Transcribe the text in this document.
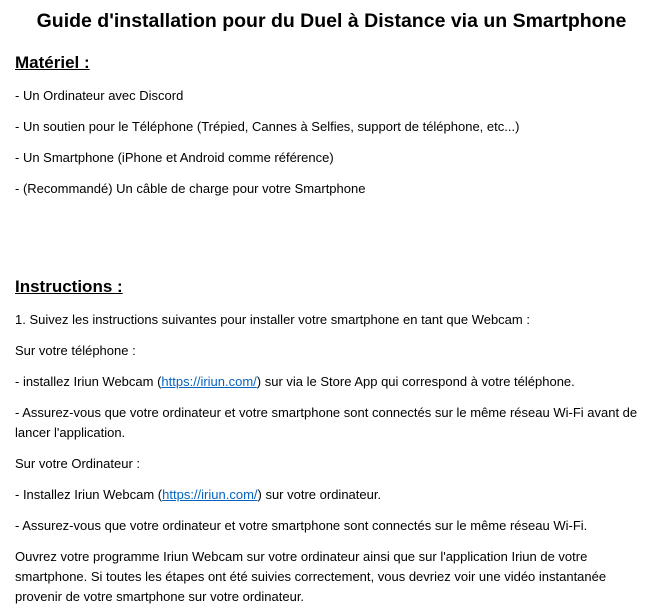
Guide d'installation pour du Duel à Distance via un Smartphone
Matériel :

- Un Ordinateur avec Discord

- Un soutien pour le Téléphone (Trépied, Cannes à Selfies, support de téléphone, etc...)

- Un Smartphone (iPhone et Android comme référence)

- (Recommandé) Un câble de charge pour votre Smartphone

Instructions :

1. Suivez les instructions suivantes pour installer votre smartphone en tant que Webcam :

Sur votre téléphone :

- installez Iriun Webcam (https://iriun.com/) sur via le Store App qui correspond à votre téléphone.

- Assurez-vous que votre ordinateur et votre smartphone sont connectés sur le même réseau Wi-Fi avant de lancer l'application.

Sur votre Ordinateur :

- Installez Iriun Webcam (https://iriun.com/) sur votre ordinateur.

- Assurez-vous que votre ordinateur et votre smartphone sont connectés sur le même réseau Wi-Fi.

Ouvrez votre programme Iriun Webcam sur votre ordinateur ainsi que sur l'application Iriun de votre smartphone. Si toutes les étapes ont été suivies correctement, vous devriez voir une vidéo instantanée provenir de votre smartphone sur votre ordinateur.
